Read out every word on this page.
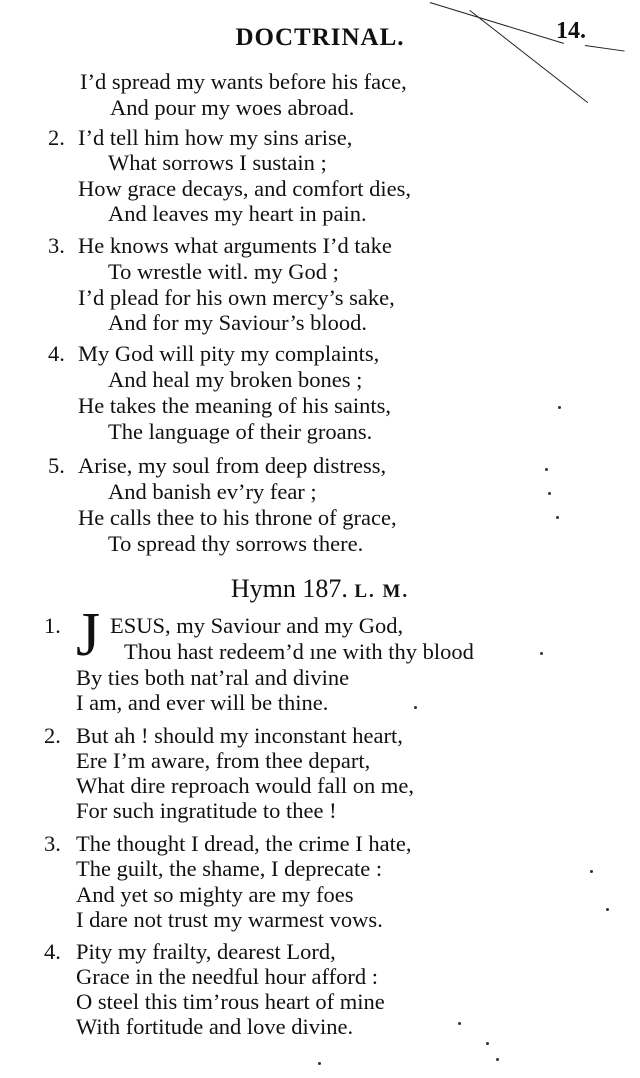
DOCTRINAL.	14.
I’d spread my wants before his face,
And pour my woes abroad.
2. I’d tell him how my sins arise,
What sorrows I sustain ;
How grace decays, and comfort dies,
And leaves my heart in pain.
3. He knows what arguments I’d take
To wrestle witl. my God ;
I’d plead for his own mercy’s sake,
And for my Saviour’s blood.
4. My God will pity my complaints,
And heal my broken bones ;
He takes the meaning of his saints,
The language of their groans.
5. Arise, my soul from deep distress,
And banish ev’ry fear ;
He calls thee to his throne of grace,
To spread thy sorrows there.
Hymn 187. L. M.
1. J ESUS, my Saviour and my God,
Thou hast redeem’d ıne with thy blood
By ties both nat’ral and divine
I am, and ever will be thine.
2. But ah ! should my inconstant heart,
Ere I’m aware, from thee depart,
What dire reproach would fall on me,
For such ingratitude to thee !
3. The thought I dread, the crime I hate,
The guilt, the shame, I deprecate :
And yet so mighty are my foes
I dare not trust my warmest vows.
4. Pity my frailty, dearest Lord,
Grace in the needful hour afford :
O steel this tim’rous heart of mine
With fortitude and love divine.
